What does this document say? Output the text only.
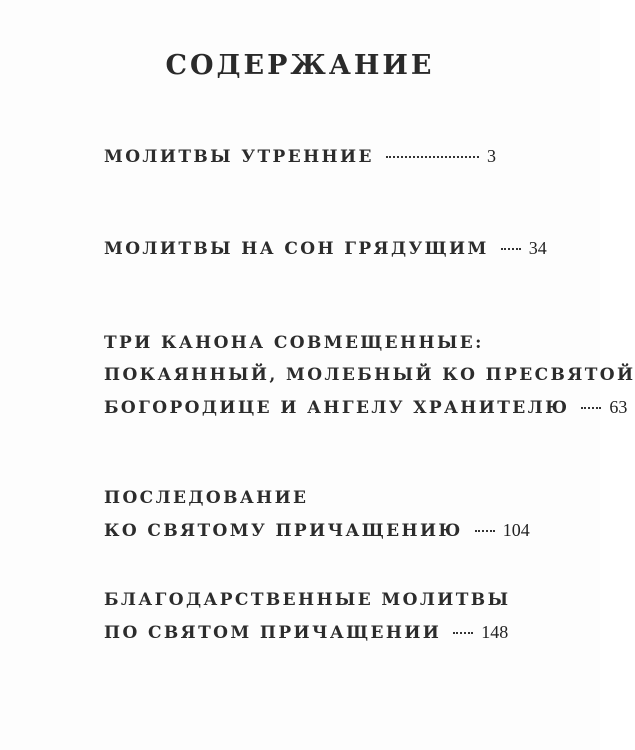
СОДЕРЖАНИЕ
МОЛИТВЫ УТРЕННИЕ	3
МОЛИТВЫ НА СОН ГРЯДУЩИМ 34
ТРИ КАНОНА СОВМЕЩЕННЫЕ:
ПОКАЯННЫЙ, МОЛЕБНЫЙ КО ПРЕСВЯТОЙ
БОГОРОДИЦЕ И АНГЕЛУ ХРАНИТЕЛЮ 63
ПОСЛЕДОВАНИЕ
КО СВЯТОМУ ПРИЧАЩЕНИЮ 104
БЛАГОДАРСТВЕННЫЕ МОЛИТВЫ
ПО СВЯТОМ ПРИЧАЩЕНИИ 148
